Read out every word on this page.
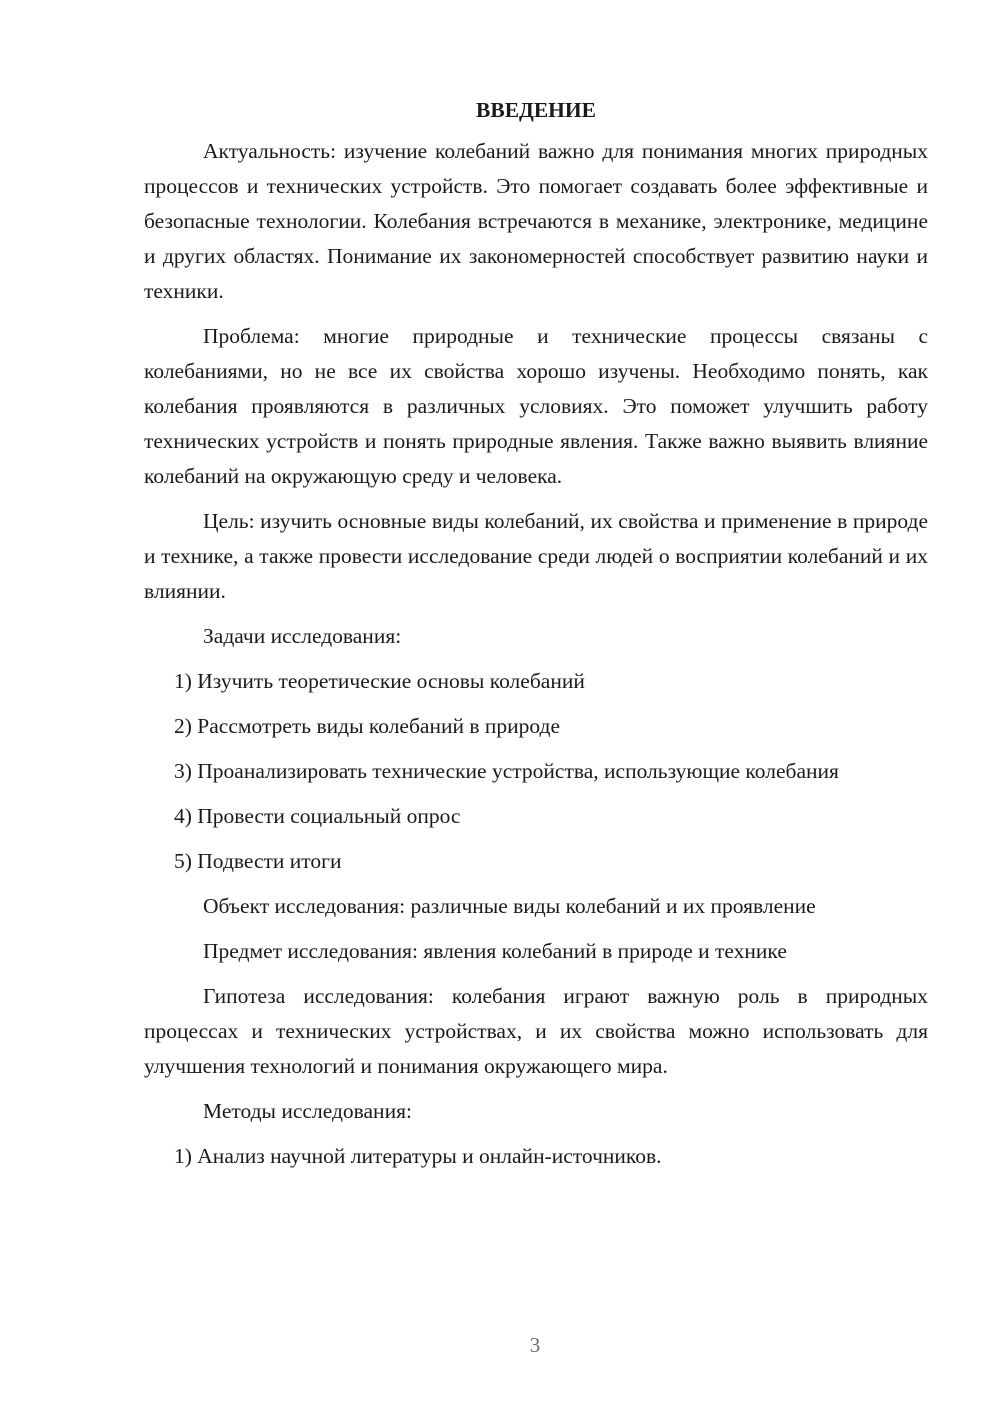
ВВЕДЕНИЕ

Актуальность: изучение колебаний важно для понимания многих природных процессов и технических устройств. Это помогает создавать более эффективные и безопасные технологии. Колебания встречаются в механике, электронике, медицине и других областях. Понимание их закономерностей способствует развитию науки и техники.

Проблема: многие природные и технические процессы связаны с колебаниями, но не все их свойства хорошо изучены. Необходимо понять, как колебания проявляются в различных условиях. Это поможет улучшить работу технических устройств и понять природные явления. Также важно выявить влияние колебаний на окружающую среду и человека.

Цель: изучить основные виды колебаний, их свойства и применение в природе и технике, а также провести исследование среди людей о восприятии колебаний и их влиянии.

Задачи исследования:

1) Изучить теоретические основы колебаний

2) Рассмотреть виды колебаний в природе

3) Проанализировать технические устройства, использующие колебания

4) Провести социальный опрос

5) Подвести итоги

Объект исследования: различные виды колебаний и их проявление

Предмет исследования: явления колебаний в природе и технике

Гипотеза исследования: колебания играют важную роль в природных процессах и технических устройствах, и их свойства можно использовать для улучшения технологий и понимания окружающего мира.

Методы исследования:

1) Анализ научной литературы и онлайн-источников.

3
